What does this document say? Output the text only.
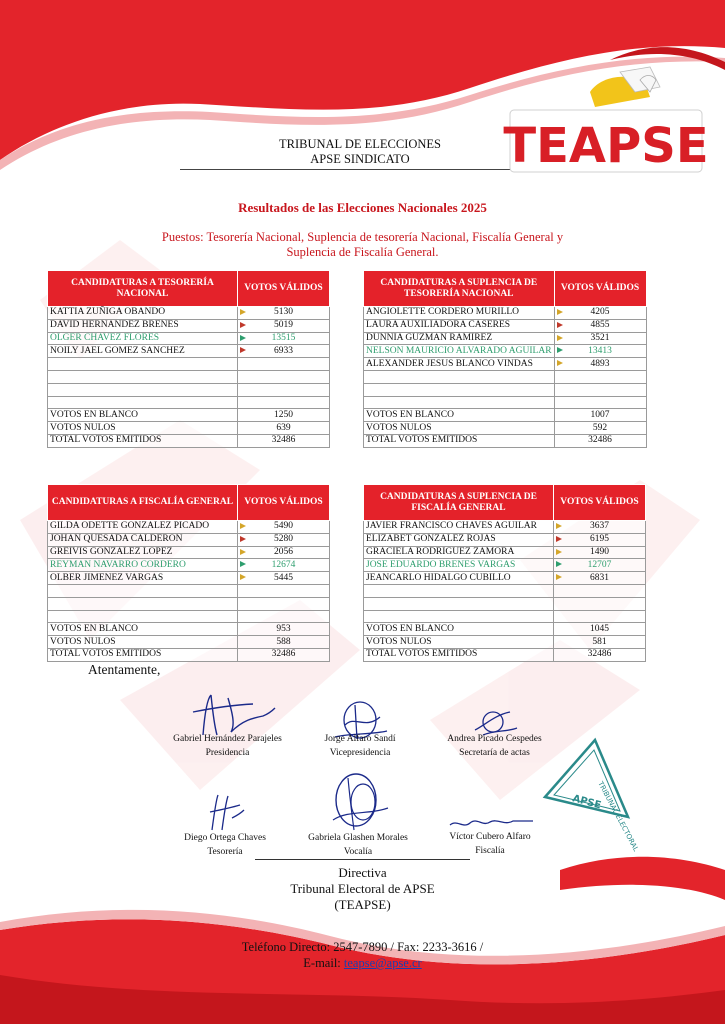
TRIBUNAL DE ELECCIONES
APSE SINDICATO	TEAPSE
Resultados de las Elecciones Nacionales 2025
Puestos: Tesorería Nacional, Suplencia de tesorería Nacional, Fiscalía General y
Suplencia de Fiscalía General.
CANDIDATURAS A TESORERÍA NACIONAL	VOTOS VÁLIDOS
KATTIA ZUÑIGA OBANDO	5130
DAVID HERNANDEZ BRENES	5019
OLGER CHAVEZ FLORES	13515
NOILY JAEL GOMEZ SANCHEZ	6933

VOTOS EN BLANCO	1250
VOTOS NULOS	639
TOTAL VOTOS EMITIDOS	32486
CANDIDATURAS A SUPLENCIA DE TESORERÍA NACIONAL	VOTOS VÁLIDOS
ANGIOLETTE CORDERO MURILLO	4205
LAURA AUXILIADORA CASERES	4855
DUNNIA GUZMAN RAMIREZ	3521
NELSON MAURICIO ALVARADO AGUILAR	13413
ALEXANDER JESUS BLANCO VINDAS	4893

VOTOS EN BLANCO	1007
VOTOS NULOS	592
TOTAL VOTOS EMITIDOS	32486
CANDIDATURAS A FISCALÍA GENERAL	VOTOS VÁLIDOS
GILDA ODETTE GONZALEZ PICADO	5490
JOHAN QUESADA CALDERON	5280
GREIVIS GONZALEZ LOPEZ	2056
REYMAN NAVARRO CORDERO	12674
OLBER JIMENEZ VARGAS	5445

VOTOS EN BLANCO	953
VOTOS NULOS	588
TOTAL VOTOS EMITIDOS	32486
CANDIDATURAS A SUPLENCIA DE FISCALÍA GENERAL	VOTOS VÁLIDOS
JAVIER FRANCISCO CHAVES AGUILAR	3637
ELIZABET GONZALEZ ROJAS	6195
GRACIELA RODRIGUEZ ZAMORA	1490
JOSE EDUARDO BRENES VARGAS	12707
JEANCARLO HIDALGO CUBILLO	6831

VOTOS EN BLANCO	1045
VOTOS NULOS	581
TOTAL VOTOS EMITIDOS	32486
Atentamente,
Gabriel Hernández Parajeles
Presidencia
Jorge Alfaro Sandí
Vicepresidencia
Andrea Picado Cespedes
Secretaría de actas
Diego Ortega Chaves
Tesorería
Gabriela Glashen Morales
Vocalía
Víctor Cubero Alfaro
Fiscalía	TRIBUNAL ELECTORAL
APSE
Directiva
Tribunal Electoral de APSE
(TEAPSE)
Teléfono Directo: 2547-7890 / Fax: 2233-3616 /
E-mail: teapse@apse.cr
